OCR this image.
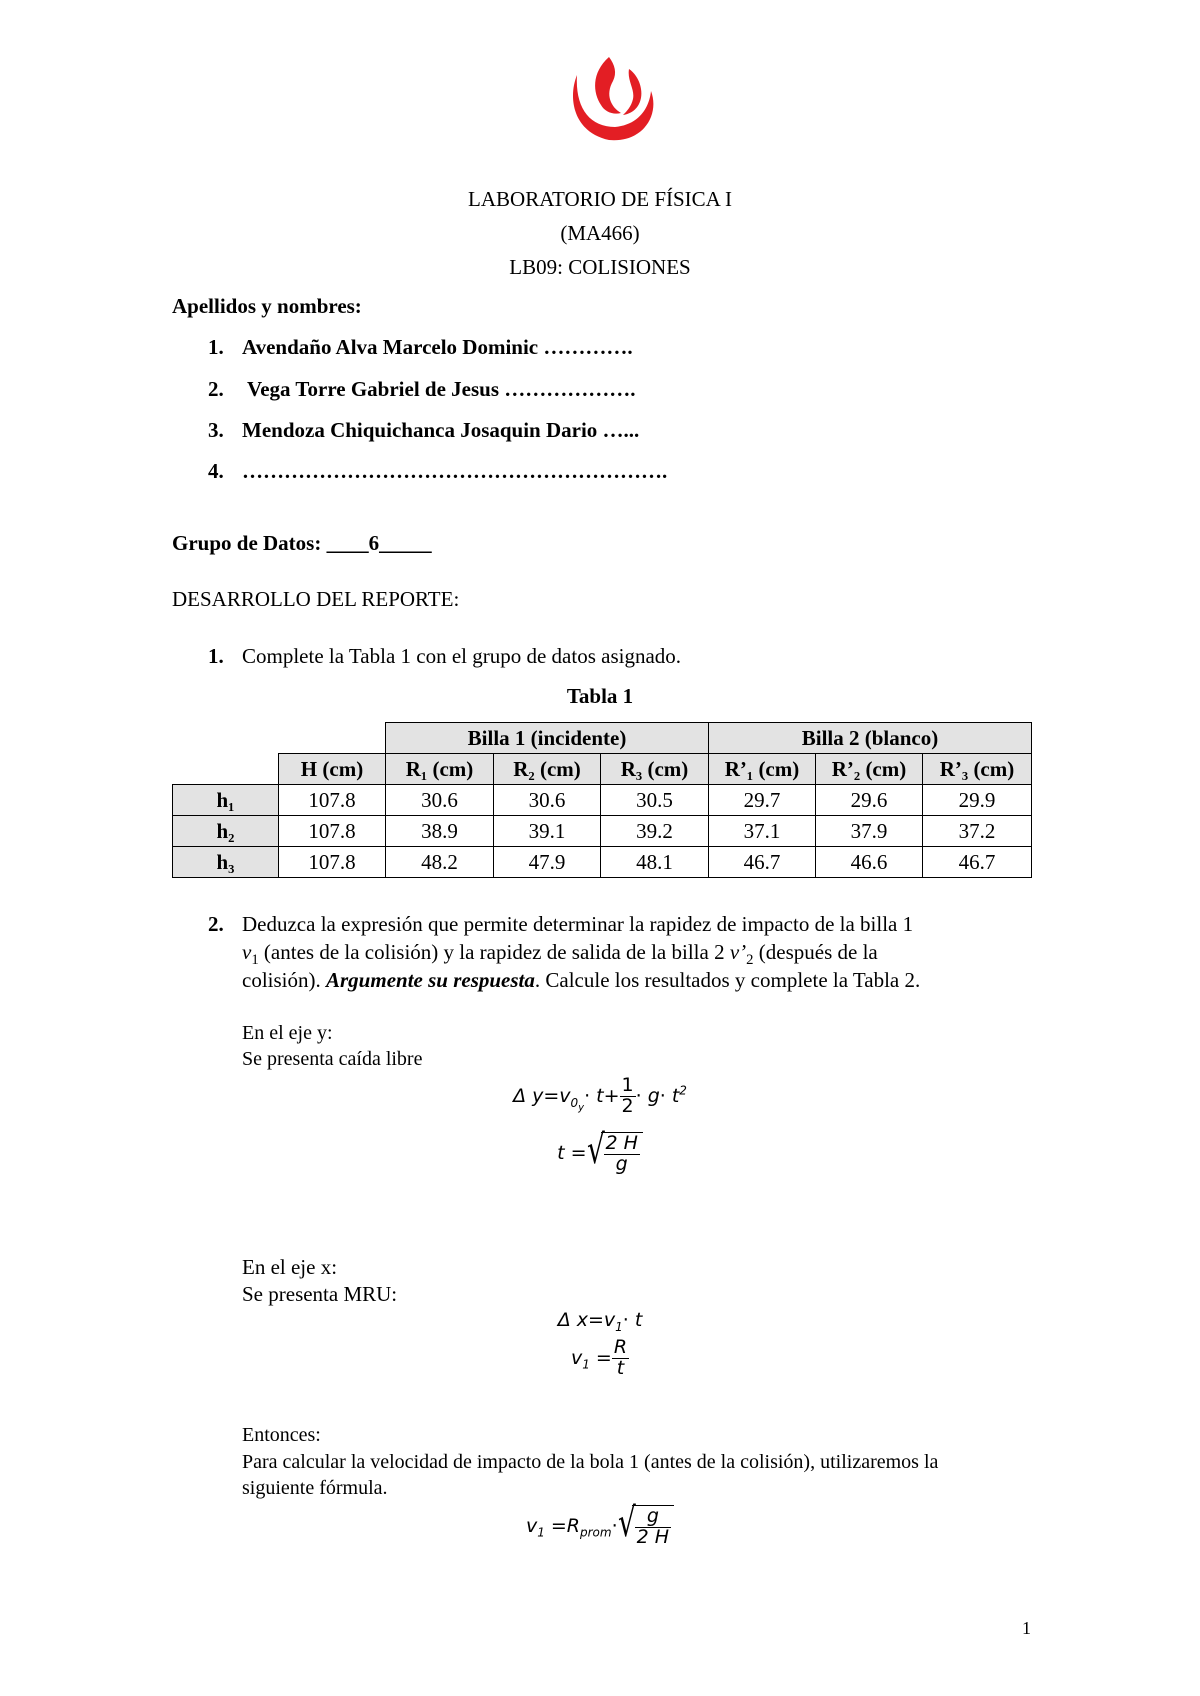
LABORATORIO DE FÍSICA I
(MA466)
LB09: COLISIONES
Apellidos y nombres:
1. Avendaño Alva Marcelo Dominic ………….
2. Vega Torre Gabriel de Jesus ……………….
3. Mendoza Chiquichanca Josaquin Dario …...
4. …………………………………………………….
Grupo de Datos: ____6_____
DESARROLLO DEL REPORTE:
1. Complete la Tabla 1 con el grupo de datos asignado.
Tabla 1
		Billa 1 (incidente)			Billa 2 (blanco)		
	H (cm)	R₁ (cm)	R₂ (cm)	R₃ (cm)	R’₁ (cm)	R’₂ (cm)	R’₃ (cm)
h₁	107.8	30.6	30.6	30.5	29.7	29.6	29.9
h₂	107.8	38.9	39.1	39.2	37.1	37.9	37.2
h₃	107.8	48.2	47.9	48.1	46.7	46.6	46.7
2. Deduzca la expresión que permite determinar la rapidez de impacto de la billa 1
$v_1$ (antes de la colisión) y la rapidez de salida de la billa 2 $v’_2$ (después de la
colisión). Argumente su respuesta. Calcule los resultados y complete la Tabla 2.
En el eje y:
Se presenta caída libre
Δ $y=v_{0_y}\cdot t+ \frac{1}{2} \cdot g\cdot t^2$
t = √ $\frac{2 H}{g}$
En el eje x:
Se presenta MRU:
Δ $x=v_1\cdot t$
$v_1 = \frac{R}{t}$
Entonces:
Para calcular la velocidad de impacto de la bola 1 (antes de la colisión), utilizaremos la
siguiente fórmula.
$v_1 =R_{prom}\cdot$ √ $\frac{g}{2 H}$
1
